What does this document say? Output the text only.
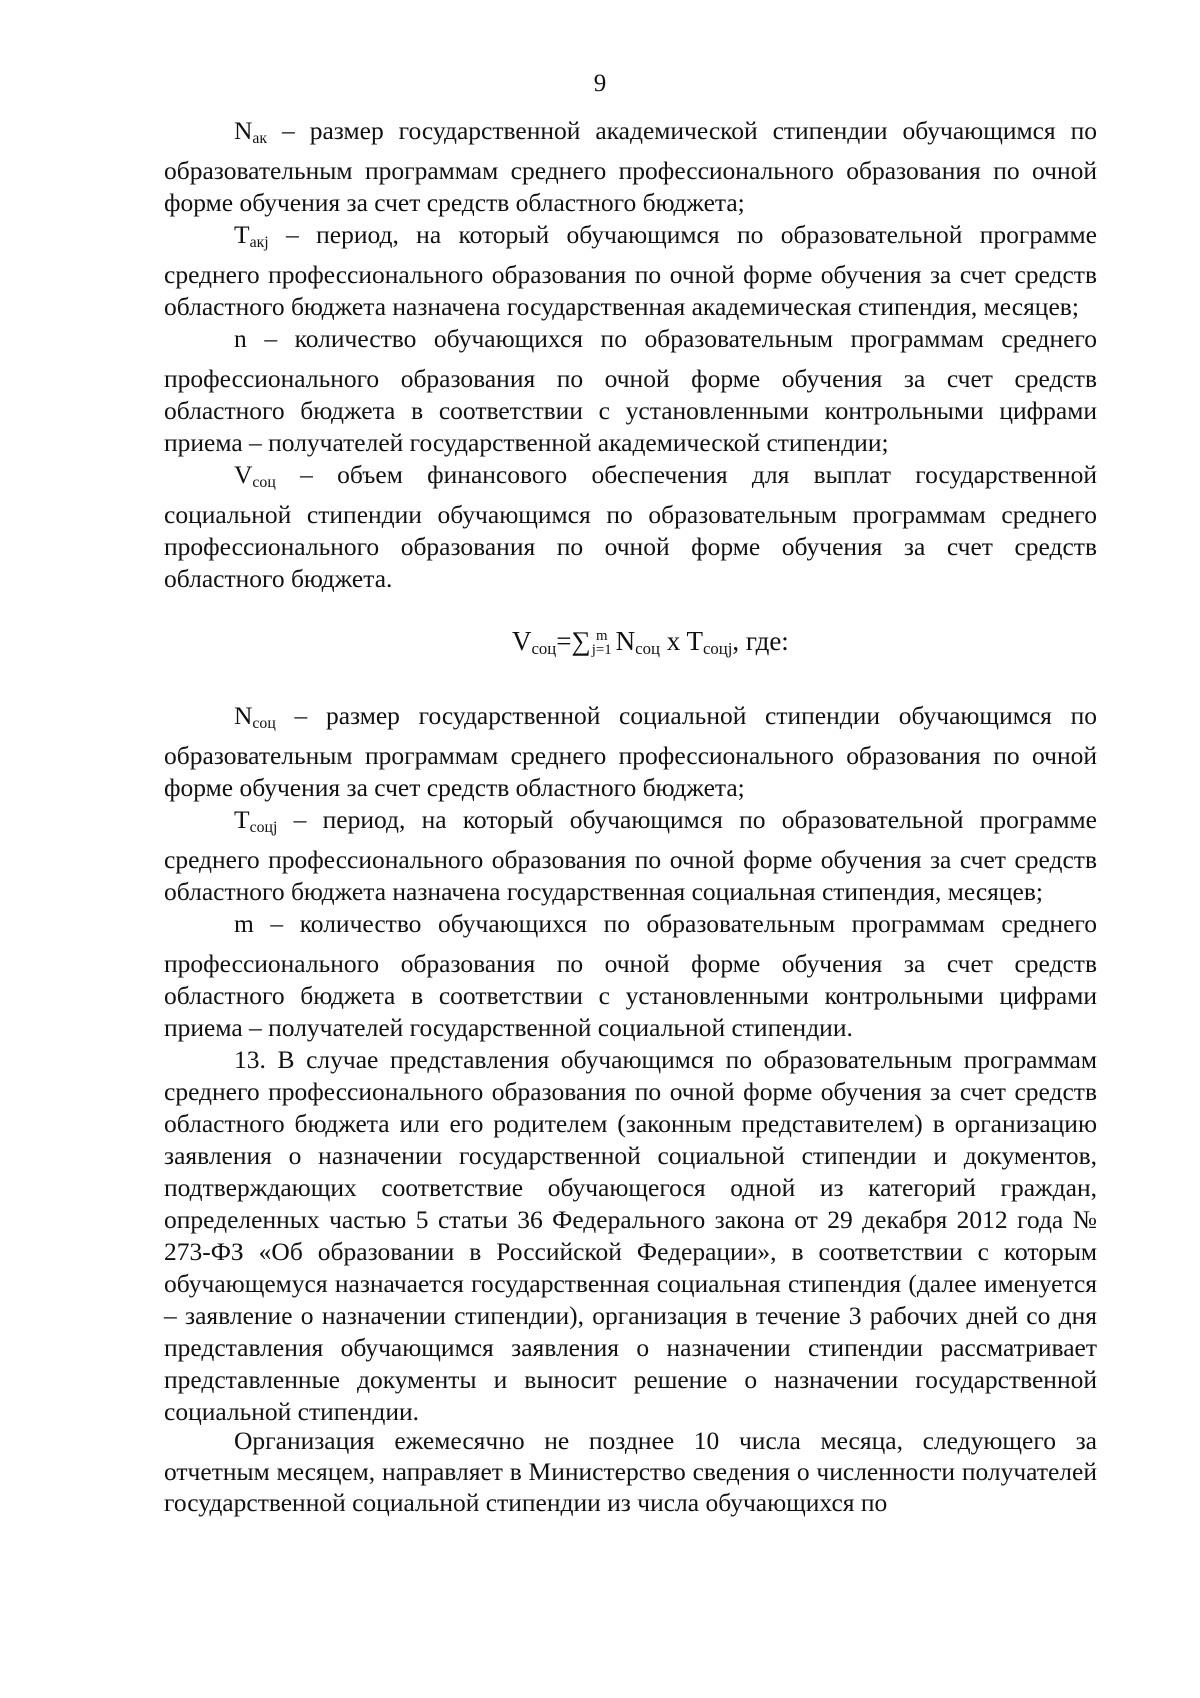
9

$N_{ак}$ – размер государственной академической стипендии обучающимся по образовательным программам среднего профессионального образования по очной форме обучения за счет средств областного бюджета;

$T_{акj}$ – период, на который обучающимся по образовательной программе среднего профессионального образования по очной форме обучения за счет средств областного бюджета назначена государственная академическая стипендия, месяцев;

n – количество обучающихся по образовательным программам среднего профессионального образования по очной форме обучения за счет средств областного бюджета в соответствии с установленными контрольными цифрами приема – получателей государственной академической стипендии;

$V_{соц}$ – объем финансового обеспечения для выплат государственной социальной стипендии обучающимся по образовательным программам среднего профессионального образования по очной форме обучения за счет средств областного бюджета.

$V_{соц}=\sum$ m
j=1 $N_{соц}$ x $T_{соцj}$, где:

$N_{соц}$ – размер государственной социальной стипендии обучающимся по образовательным программам среднего профессионального образования по очной форме обучения за счет средств областного бюджета;

$T_{соцj}$ – период, на который обучающимся по образовательной программе среднего профессионального образования по очной форме обучения за счет средств областного бюджета назначена государственная социальная стипендия, месяцев;

m – количество обучающихся по образовательным программам среднего профессионального образования по очной форме обучения за счет средств областного бюджета в соответствии с установленными контрольными цифрами приема – получателей государственной социальной стипендии.

13. В случае представления обучающимся по образовательным программам среднего профессионального образования по очной форме обучения за счет средств областного бюджета или его родителем (законным представителем) в организацию заявления о назначении государственной социальной стипендии и документов, подтверждающих соответствие обучающегося одной из категорий граждан, определенных частью 5 статьи 36 Федерального закона от 29 декабря 2012 года № 273-ФЗ «Об образовании в Российской Федерации», в соответствии с которым обучающемуся назначается государственная социальная стипендия (далее именуется – заявление о назначении стипендии), организация в течение 3 рабочих дней со дня представления обучающимся заявления о назначении стипендии рассматривает представленные документы и выносит решение о назначении государственной социальной стипендии.

Организация ежемесячно не позднее 10 числа месяца, следующего за отчетным месяцем, направляет в Министерство сведения о численности получателей государственной социальной стипендии из числа обучающихся по
